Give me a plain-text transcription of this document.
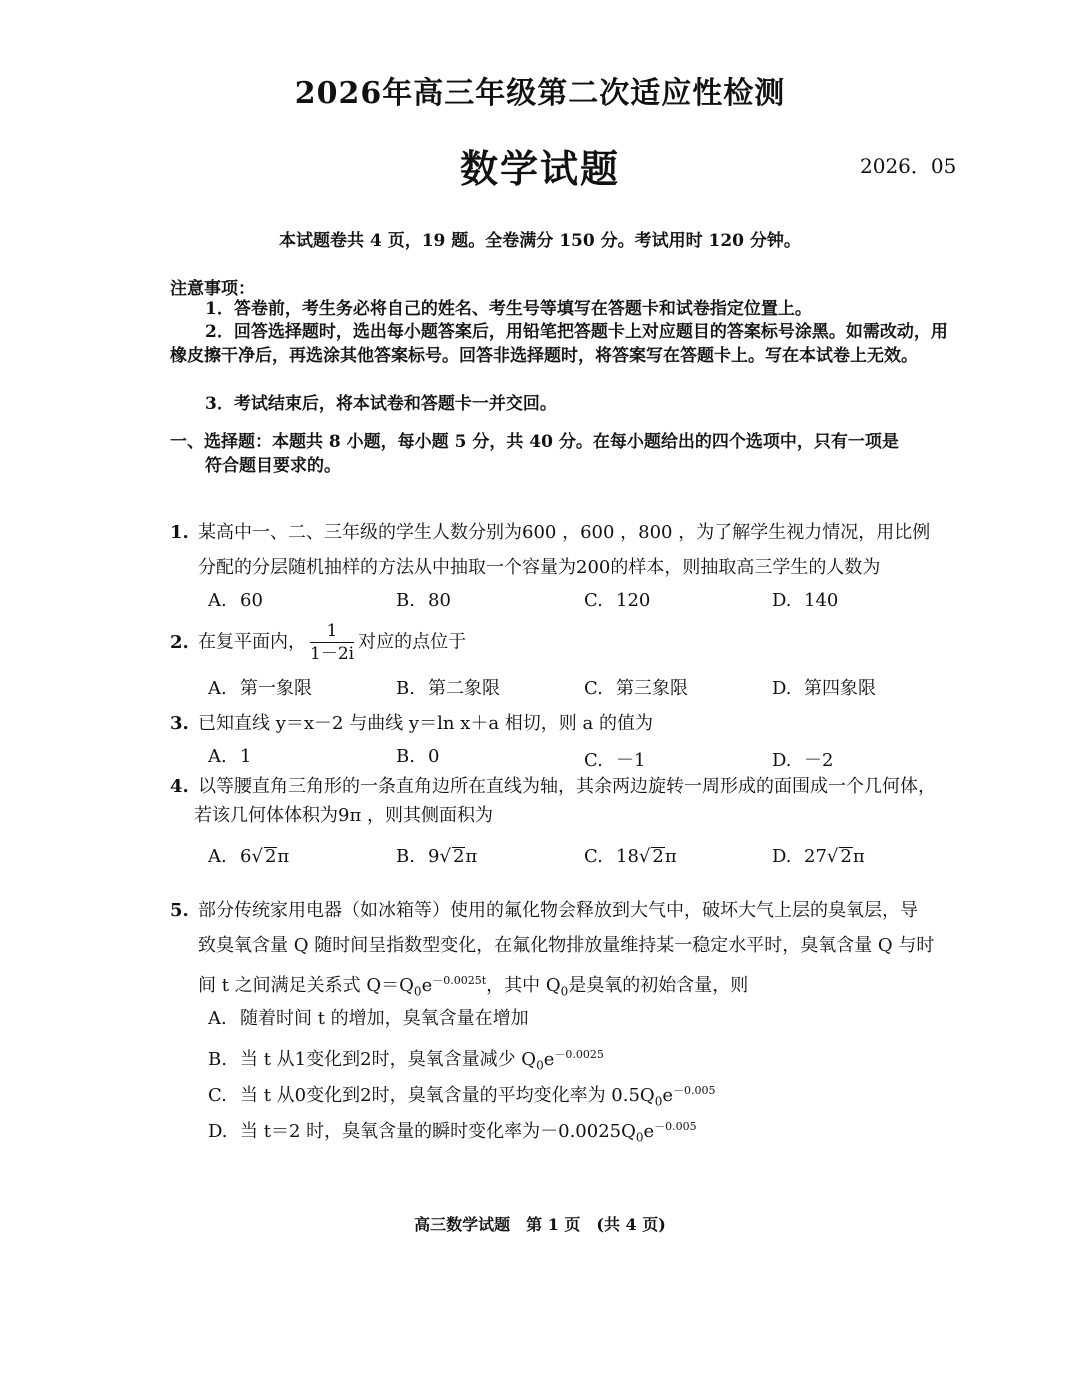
2026年高三年级第二次适应性检测
数学试题	2026．05
本试题卷共 4 页，19 题。全卷满分 150 分。考试用时 120 分钟。
注意事项：
1．答卷前，考生务必将自己的姓名、考生号等填写在答题卡和试卷指定位置上。
2．回答选择题时，选出每小题答案后，用铅笔把答题卡上对应题目的答案标号涂黑。如需改动，用橡皮擦干净后，再选涂其他答案标号。回答非选择题时，将答案写在答题卡上。写在本试卷上无效。
3．考试结束后，将本试卷和答题卡一并交回。
一、选择题：本题共 8 小题，每小题 5 分，共 40 分。在每小题给出的四个选项中，只有一项是
符合题目要求的。
1. 某高中一、二、三年级的学生人数分别为600 ，600 ，800 ，为了解学生视力情况，用比例
分配的分层随机抽样的方法从中抽取一个容量为200的样本，则抽取高三学生的人数为
A. 60	B. 80	C. 120	D. 140
2. 在复平面内， $\frac{1}{1-2i}$ 对应的点位于
A. 第一象限	B. 第二象限	C. 第三象限	D. 第四象限
3. 已知直线 y＝x－2 与曲线 y＝ln x＋a 相切，则 a 的值为
A. 1	B. 0	C. －1	D. －2
4. 以等腰直角三角形的一条直角边所在直线为轴，其余两边旋转一周形成的面围成一个几何体，
若该几何体体积为9π ，则其侧面积为
A. 6√ 2π	B. 9√ 2π	C. 18√ 2π	D. 27√ 2π
5. 部分传统家用电器（如冰箱等）使用的氟化物会释放到大气中，破坏大气上层的臭氧层，导
致臭氧含量 Q 随时间呈指数型变化，在氟化物排放量维持某一稳定水平时，臭氧含量 Q 与时
间 t 之间满足关系式 $Q=Q_0e^{-0.0025t}$，其中 $Q_0$是臭氧的初始含量，则
A. 随着时间 t 的增加，臭氧含量在增加
B. 当 t 从1变化到2时，臭氧含量减少 $Q_0e^{-0.0025}$
C. 当 t 从0变化到2时，臭氧含量的平均变化率为 $0.5Q_0e^{-0.005}$
D. 当 t＝2 时，臭氧含量的瞬时变化率为$-0.0025Q_0e^{-0.005}$
高三数学试题　第 1 页　(共 4 页)
